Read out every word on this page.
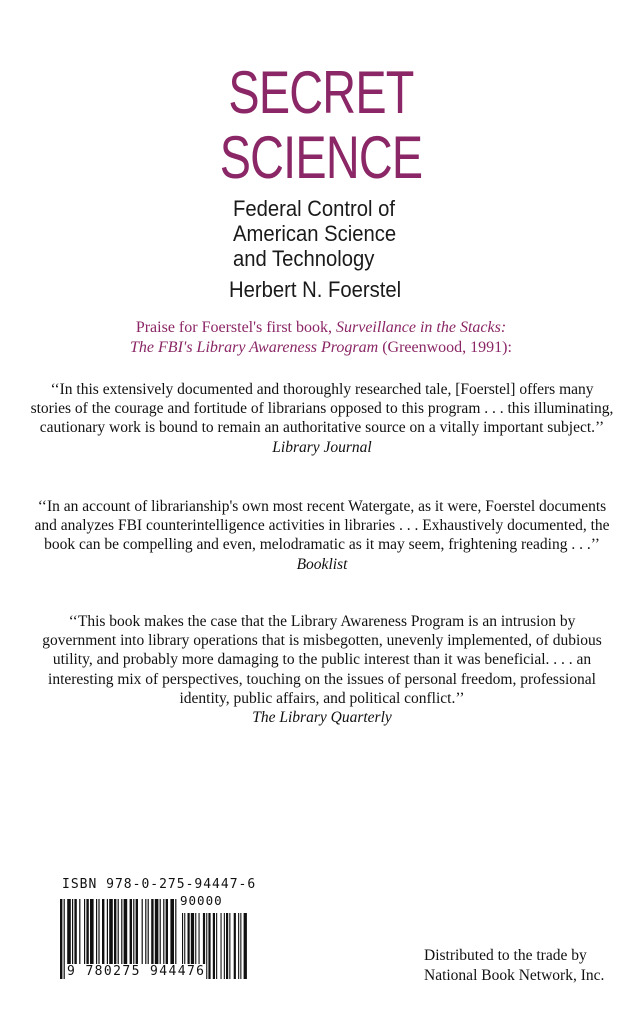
SECRET
SCIENCE
Federal Control of
American Science
and Technology
Herbert N. Foerstel
Praise for Foerstel's first book, Surveillance in the Stacks:
The FBI's Library Awareness Program (Greenwood, 1991):
‘‘In this extensively documented and thoroughly researched tale, [Foerstel] offers many stories of the courage and fortitude of librarians opposed to this program . . . this illuminating, cautionary work is bound to remain an authoritative source on a vitally important subject.’’
Library Journal
‘‘In an account of librarianship's own most recent Watergate, as it were, Foerstel documents and analyzes FBI counterintelligence activities in libraries . . . Exhaustively documented, the book can be compelling and even, melodramatic as it may seem, frightening reading . . .’’
Booklist
‘‘This book makes the case that the Library Awareness Program is an intrusion by government into library operations that is misbegotten, unevenly implemented, of dubious utility, and probably more damaging to the public interest than it was beneficial. . . . an interesting mix of perspectives, touching on the issues of personal freedom, professional identity, public affairs, and political conflict.’’
The Library Quarterly
ISBN 978-0-275-94447-6
90000
9 780275 944476
Distributed to the trade by
National Book Network, Inc.
